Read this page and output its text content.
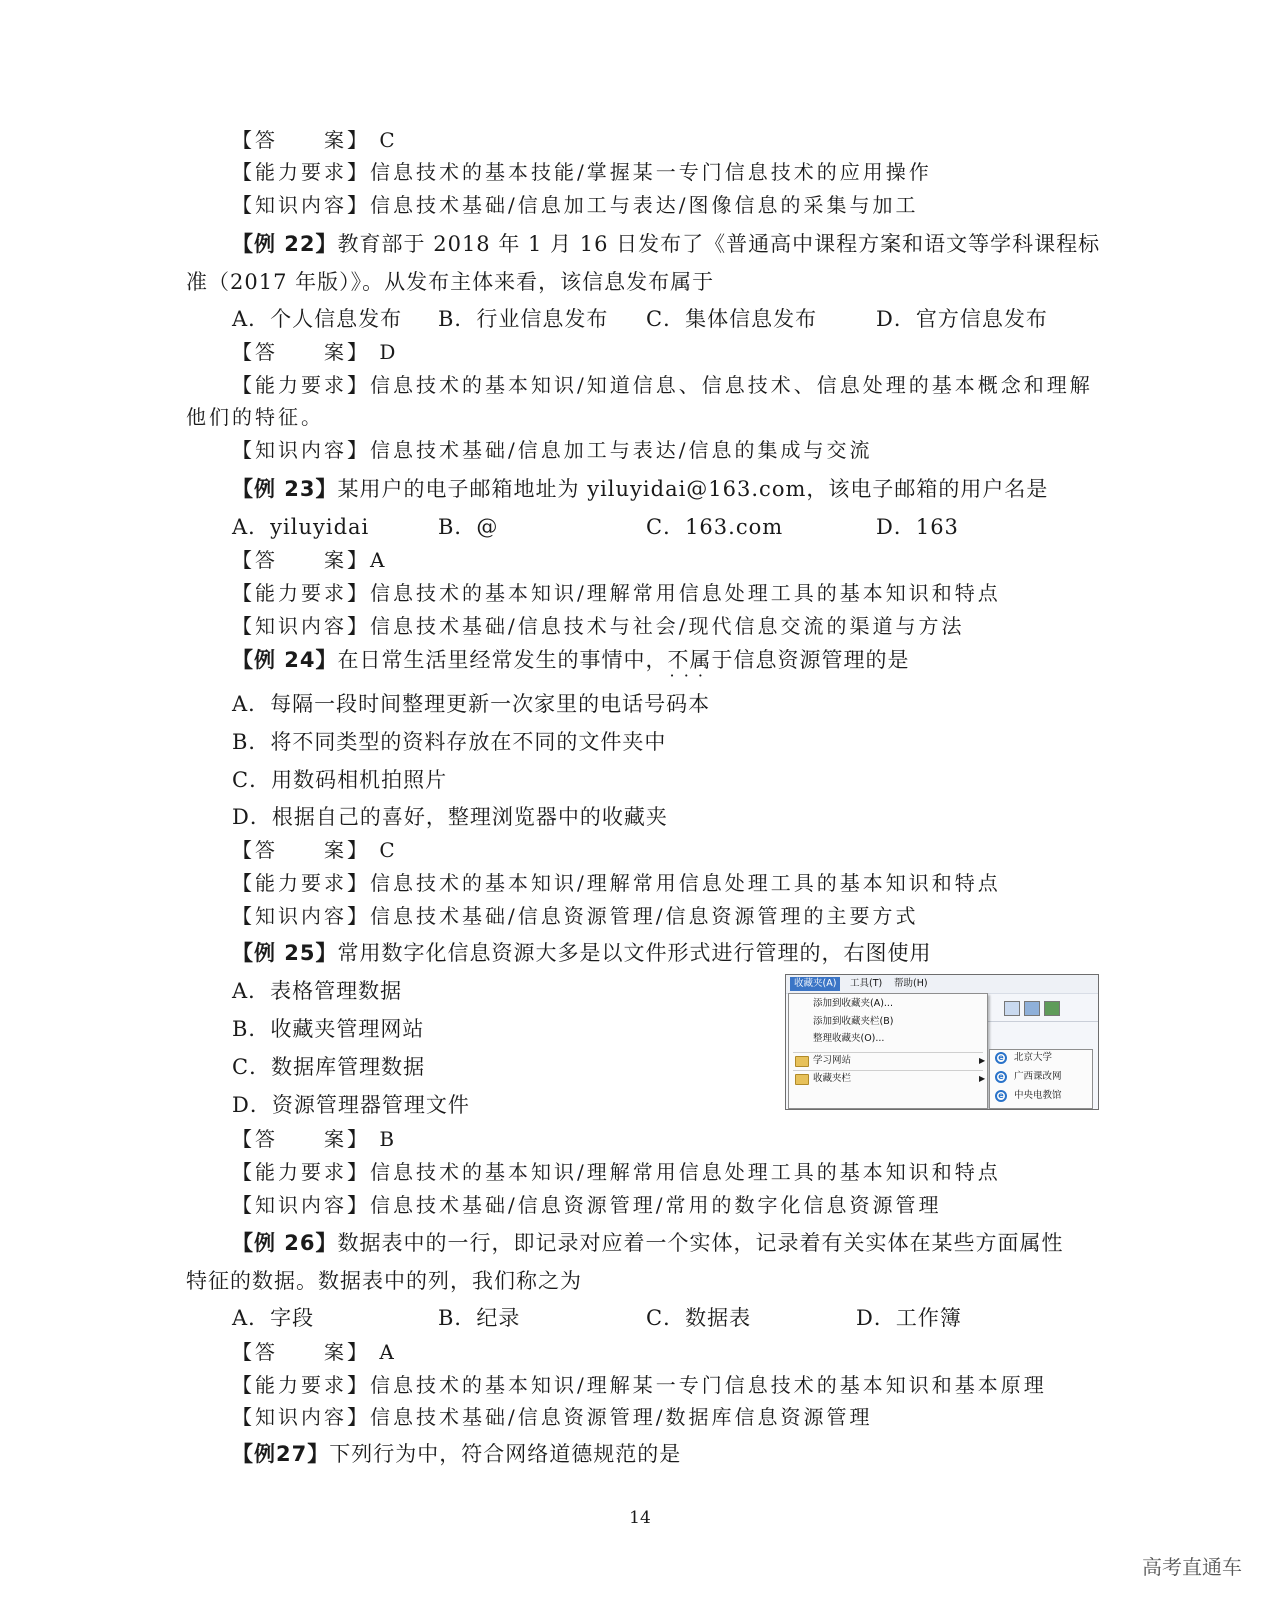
【答　　案】 C
【能力要求】信息技术的基本技能/掌握某一专门信息技术的应用操作
【知识内容】信息技术基础/信息加工与表达/图像信息的采集与加工
【例 22】教育部于 2018 年 1 月 16 日发布了《普通高中课程方案和语文等学科课程标
准（2017 年版）》。从发布主体来看，该信息发布属于
A．个人信息发布 B．行业信息发布 C．集体信息发布	D．官方信息发布
【答　　案】 D
【能力要求】信息技术的基本知识/知道信息、信息技术、信息处理的基本概念和理解
他们的特征。
【知识内容】信息技术基础/信息加工与表达/信息的集成与交流
【例 23】某用户的电子邮箱地址为 yiluyidai@163.com，该电子邮箱的用户名是
A．yiluyidai	B．@	C．163.com	D．163
【答　　案】A
【能力要求】信息技术的基本知识/理解常用信息处理工具的基本知识和特点
【知识内容】信息技术基础/信息技术与社会/现代信息交流的渠道与方法
【例 24】在日常生活里经常发生的事情中，不属于 · · ·信息资源管理的是
A．每隔一段时间整理更新一次家里的电话号码本
B．将不同类型的资料存放在不同的文件夹中
C．用数码相机拍照片
D．根据自己的喜好，整理浏览器中的收藏夹
【答　　案】 C
【能力要求】信息技术的基本知识/理解常用信息处理工具的基本知识和特点
【知识内容】信息技术基础/信息资源管理/信息资源管理的主要方式
【例 25】常用数字化信息资源大多是以文件形式进行管理的，右图使用
A．表格管理数据
B．收藏夹管理网站
C．数据库管理数据
D．资源管理器管理文件
【答　　案】 B
【能力要求】信息技术的基本知识/理解常用信息处理工具的基本知识和特点
【知识内容】信息技术基础/信息资源管理/常用的数字化信息资源管理
收藏夹(A)	工具(T)	帮助(H)
添加到收藏夹(A)...
添加到收藏夹栏(B)
整理收藏夹(O)...
学习网站	▶
收藏夹栏	▶
e	北京大学
e	广西课改网
e	中央电教馆
【例 26】数据表中的一行，即记录对应着一个实体，记录着有关实体在某些方面属性
特征的数据。数据表中的列，我们称之为
A．字段	B．纪录	C．数据表	D．工作簿
【答　　案】 A
【能力要求】信息技术的基本知识/理解某一专门信息技术的基本知识和基本原理
【知识内容】信息技术基础/信息资源管理/数据库信息资源管理
【例27】下列行为中，符合网络道德规范的是
14
高考直通车
